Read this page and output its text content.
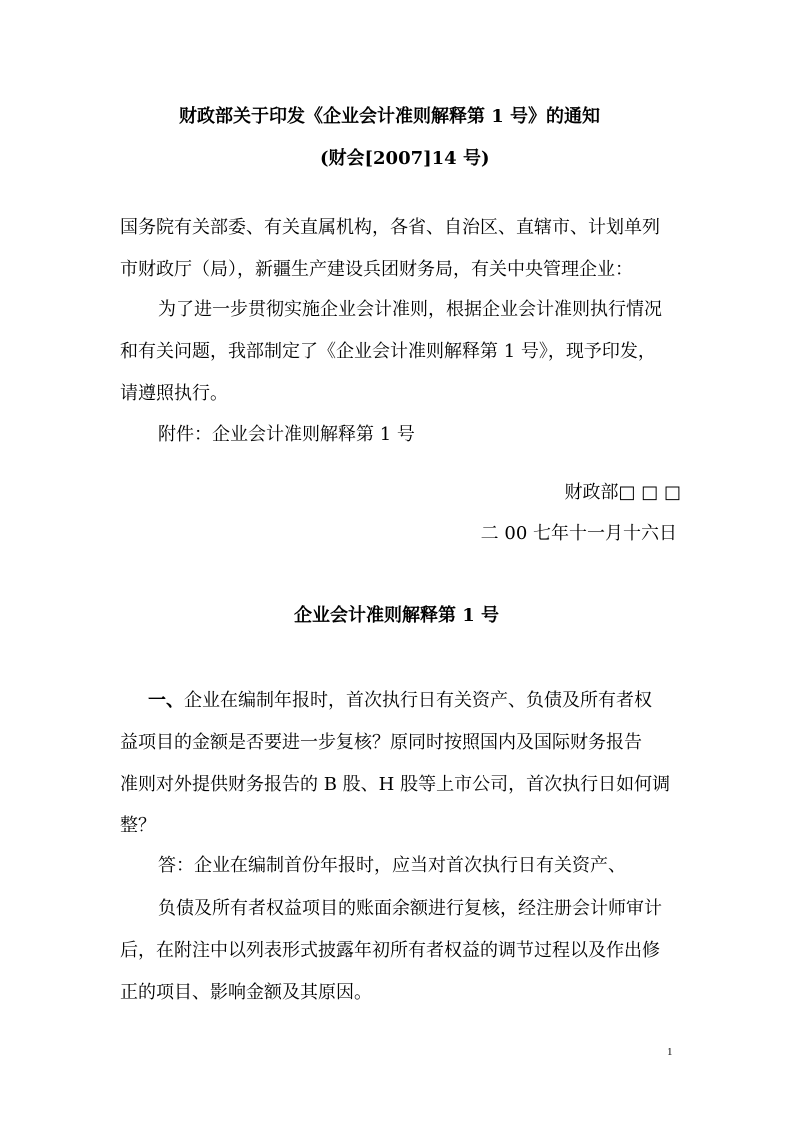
财政部关于印发《企业会计准则解释第 1 号》的通知
(财会[2007]14 号)
国务院有关部委、有关直属机构，各省、自治区、直辖市、计划单列
市财政厅（局），新疆生产建设兵团财务局，有关中央管理企业：
为了进一步贯彻实施企业会计准则，根据企业会计准则执行情况
和有关问题，我部制定了《企业会计准则解释第 1 号》，现予印发，
请遵照执行。
附件：企业会计准则解释第 1 号
财政部□ □ □
二 00 七年十一月十六日
企业会计准则解释第 1 号
一、企业在编制年报时，首次执行日有关资产、负债及所有者权
益项目的金额是否要进一步复核？原同时按照国内及国际财务报告
准则对外提供财务报告的 B 股、H 股等上市公司，首次执行日如何调
整？
答：企业在编制首份年报时，应当对首次执行日有关资产、
负债及所有者权益项目的账面余额进行复核，经注册会计师审计
后，在附注中以列表形式披露年初所有者权益的调节过程以及作出修
正的项目、影响金额及其原因。
1
